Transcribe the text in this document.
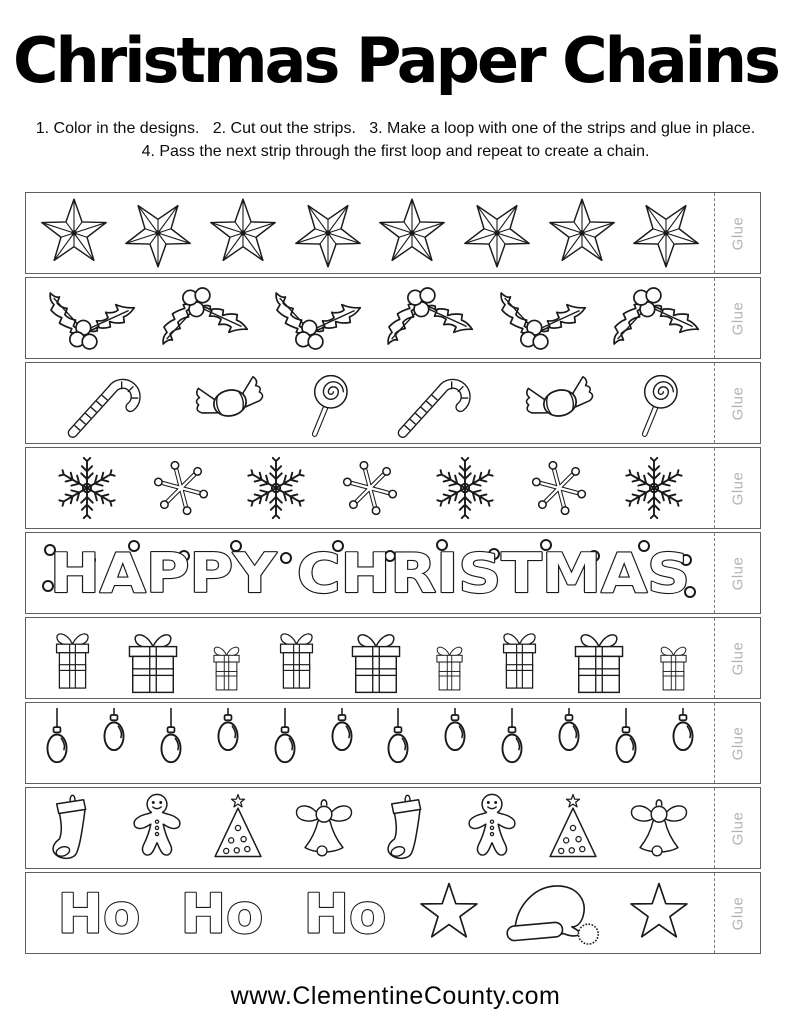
Christmas Paper Chains

1. Color in the designs.   2. Cut out the strips.   3. Make a loop with one of the strips and glue in place.

4. Pass the next strip through the first loop and repeat to create a chain.

Glue
Glue
Glue
Glue
HAPPY CHRISTMAS	Glue
Glue
Glue
Glue
Ho Ho Ho	Glue

www.ClementineCounty.com
